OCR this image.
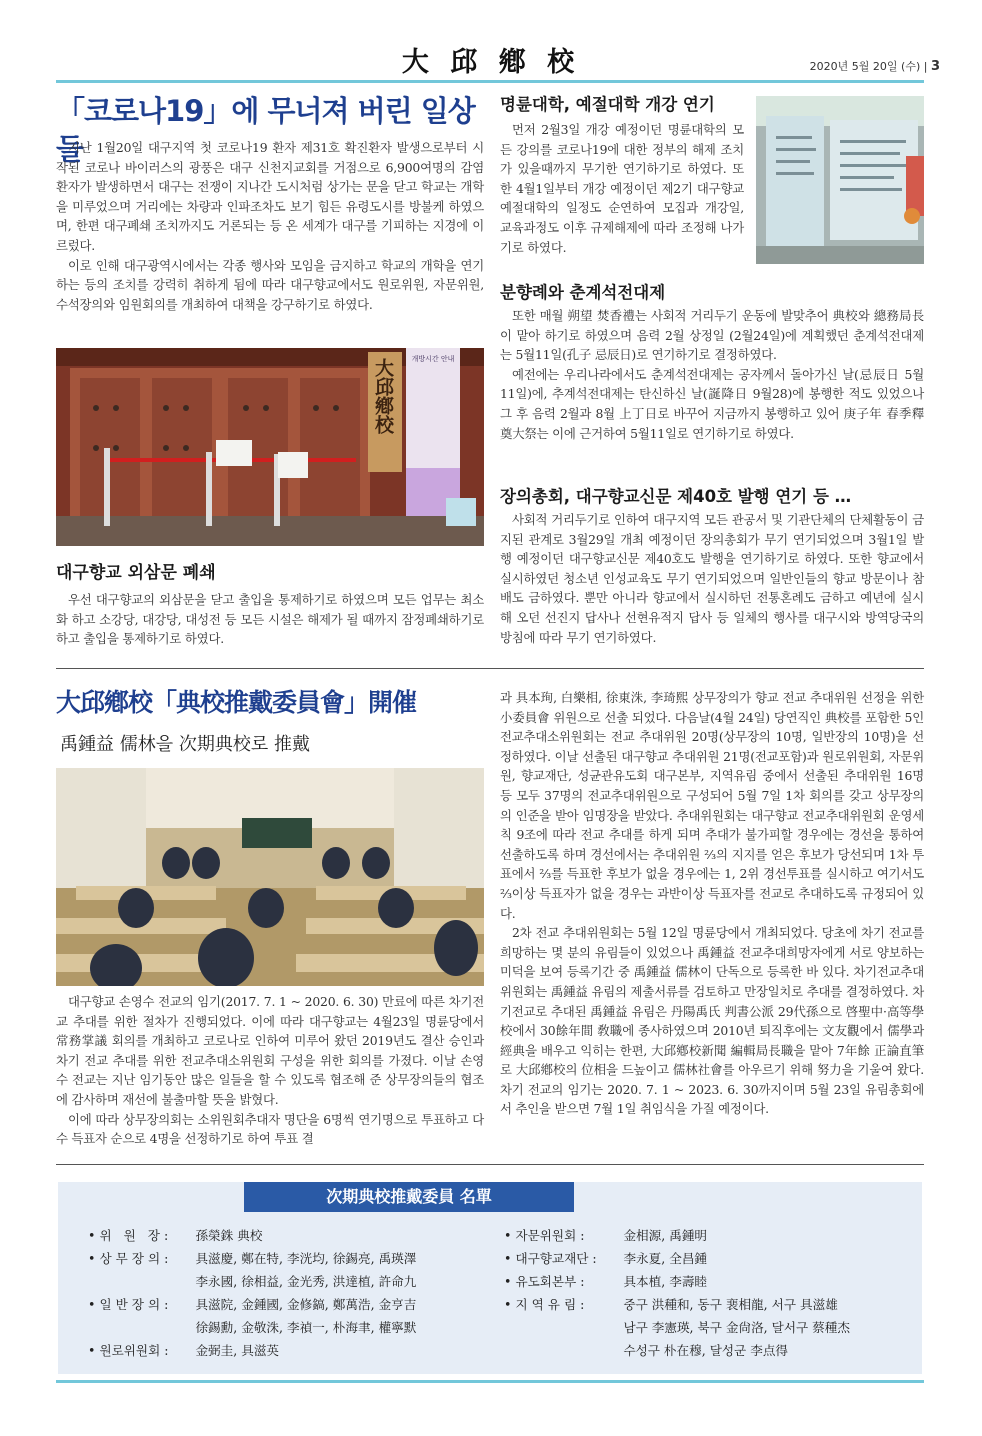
大 邱 鄕 校	2020년 5월 20일 (수) | 3
「코로나19」에 무너져 버린 일상들

지난 1월20일 대구지역 첫 코로나19 환자 제31호 확진환자 발생으로부터 시작된 코로나 바이러스의 광풍은 대구 신천지교회를 거점으로 6,900여명의 감염환자가 발생하면서 대구는 전쟁이 지나간 도시처럼 상가는 문을 닫고 학교는 개학을 미루었으며 거리에는 차량과 인파조차도 보기 힘든 유령도시를 방불케 하였으며, 한편 대구폐쇄 조치까지도 거론되는 등 온 세계가 대구를 기피하는 지경에 이르렀다.

이로 인해 대구광역시에서는 각종 행사와 모임을 금지하고 학교의 개학을 연기하는 등의 조치를 강력히 취하게 됨에 따라 대구향교에서도 원로위원, 자문위원, 수석장의와 임원회의를 개최하여 대책을 강구하기로 하였다.

大邱鄕校	개방시간 안내
대구향교 외삼문 폐쇄

우선 대구향교의 외삼문을 닫고 출입을 통제하기로 하였으며 모든 업무는 최소화 하고 소강당, 대강당, 대성전 등 모든 시설은 해제가 될 때까지 잠정폐쇄하기로 하고 출입을 통제하기로 하였다.

명륜대학, 예절대학 개강 연기

먼저 2월3일 개강 예정이던 명륜대학의 모든 강의를 코로나19에 대한 정부의 해제 조치가 있을때까지 무기한 연기하기로 하였다. 또한 4월1일부터 개강 예정이던 제2기 대구향교 예절대학의 일정도 순연하여 모집과 개강일, 교육과정도 이후 규제해제에 따라 조정해 나가기로 하였다.

분향례와 춘계석전대제

또한 매월 朔望 焚香禮는 사회적 거리두기 운동에 발맞추어 典校와 總務局長이 맡아 하기로 하였으며 음력 2월 상정일 (2월24일)에 계획했던 춘계석전대제는 5월11일(孔子 忌辰日)로 연기하기로 결정하였다.

예전에는 우리나라에서도 춘계석전대제는 공자께서 돌아가신 날(忌辰日 5월11일)에, 추계석전대제는 탄신하신 날(誕降日 9월28)에 봉행한 적도 있었으나 그 후 음력 2월과 8월 上丁日로 바꾸어 지금까지 봉행하고 있어 庚子年 春季釋奠大祭는 이에 근거하여 5월11일로 연기하기로 하였다.

장의총회, 대구향교신문 제40호 발행 연기 등 …

사회적 거리두기로 인하여 대구지역 모든 관공서 및 기관단체의 단체활동이 금지된 관계로 3월29일 개최 예정이던 장의총회가 무기 연기되었으며 3월1일 발행 예정이던 대구향교신문 제40호도 발행을 연기하기로 하였다. 또한 향교에서 실시하였던 청소년 인성교육도 무기 연기되었으며 일반인들의 향교 방문이나 참배도 금하였다. 뿐만 아니라 향교에서 실시하던 전통혼례도 금하고 예년에 실시해 오던 선진지 답사나 선현유적지 답사 등 일체의 행사를 대구시와 방역당국의 방침에 따라 무기 연기하였다.

大邱鄕校「典校推戴委員會」開催
禹鍾益 儒林을 次期典校로 推戴

대구향교 손영수 전교의 임기(2017. 7. 1 ~ 2020. 6. 30) 만료에 따른 차기전교 추대를 위한 절차가 진행되었다. 이에 따라 대구향교는 4월23일 명륜당에서 常務掌議 회의를 개최하고 코로나로 인하여 미루어 왔던 2019년도 결산 승인과 차기 전교 추대를 위한 전교추대소위원회 구성을 위한 회의를 가졌다. 이날 손영수 전교는 지난 임기동안 많은 일들을 할 수 있도록 협조해 준 상무장의들의 협조에 감사하며 재선에 불출마할 뜻을 밝혔다.

이에 따라 상무장의회는 소위원회추대자 명단을 6명씩 연기명으로 투표하고 다수 득표자 순으로 4명을 선정하기로 하여 투표 결

과 具本珣, 白樂相, 徐東洙, 李琦熙 상무장의가 향교 전교 추대위원 선정을 위한 小委員會 위원으로 선출 되었다. 다음날(4월 24일) 당연직인 典校를 포함한 5인 전교추대소위원회는 전교 추대위원 20명(상무장의 10명, 일반장의 10명)을 선정하였다. 이날 선출된 대구향교 추대위원 21명(전교포함)과 원로위원회, 자문위원, 향교재단, 성균관유도회 대구본부, 지역유림 중에서 선출된 추대위원 16명 등 모두 37명의 전교추대위원으로 구성되어 5월 7일 1차 회의를 갖고 상무장의의 인준을 받아 임명장을 받았다. 추대위원회는 대구향교 전교추대위원회 운영세칙 9조에 따라 전교 추대를 하게 되며 추대가 불가피할 경우에는 경선을 통하여 선출하도록 하며 경선에서는 추대위원 ⅔의 지지를 얻은 후보가 당선되며 1차 투표에서 ⅔를 득표한 후보가 없을 경우에는 1, 2위 경선투표를 실시하고 여기서도 ⅔이상 득표자가 없을 경우는 과반이상 득표자를 전교로 추대하도록 규정되어 있다.

2차 전교 추대위원회는 5월 12일 명륜당에서 개최되었다. 당초에 차기 전교를 희망하는 몇 분의 유림들이 있었으나 禹鍾益 전교추대희망자에게 서로 양보하는 미덕을 보여 등록기간 중 禹鍾益 儒林이 단독으로 등록한 바 있다. 차기전교추대위원회는 禹鍾益 유림의 제출서류를 검토하고 만장일치로 추대를 결정하였다. 차기전교로 추대된 禹鍾益 유림은 丹陽禹氏 判書公派 29代孫으로 啓聖中·高等學校에서 30餘年間 敎職에 종사하였으며 2010년 퇴직후에는 文友觀에서 儒學과 經典을 배우고 익히는 한편, 大邱鄕校新聞 編輯局長職을 맡아 7年餘 正論直筆로 大邱鄕校의 位相을 드높이고 儒林社會를 아우르기 위해 努力을 기울여 왔다. 차기 전교의 임기는 2020. 7. 1 ~ 2023. 6. 30까지이며 5월 23일 유림총회에서 추인을 받으면 7월 1일 취임식을 가질 예정이다.

次期典校推戴委員 名單
• 위   원   장 :	孫榮銖 典校
• 상 무 장 의 :	具滋慶, 鄭在特, 李洸均, 徐錫亮, 禹瑛澤
李永國, 徐相益, 金光秀, 洪達植, 許命九
• 일 반 장 의 :	具滋院, 金鍾國, 金修鎬, 鄭萬浩, 金亨吉
徐錫勳, 金敬洙, 李禎一, 朴海聿, 權寧默
• 원로위원회 :	金弼圭, 具滋英
• 자문위원회 :	金相源, 禹鍾明
• 대구향교재단 :	李永夏, 全昌鍾
• 유도회본부 :	具本植, 李壽睦
• 지 역 유 림 :	중구 洪種和, 동구 裵相龍, 서구 具滋雄
남구 李憲瑛, 북구 金尙洛, 달서구 蔡種杰
수성구 朴在穆, 달성군 李点得
